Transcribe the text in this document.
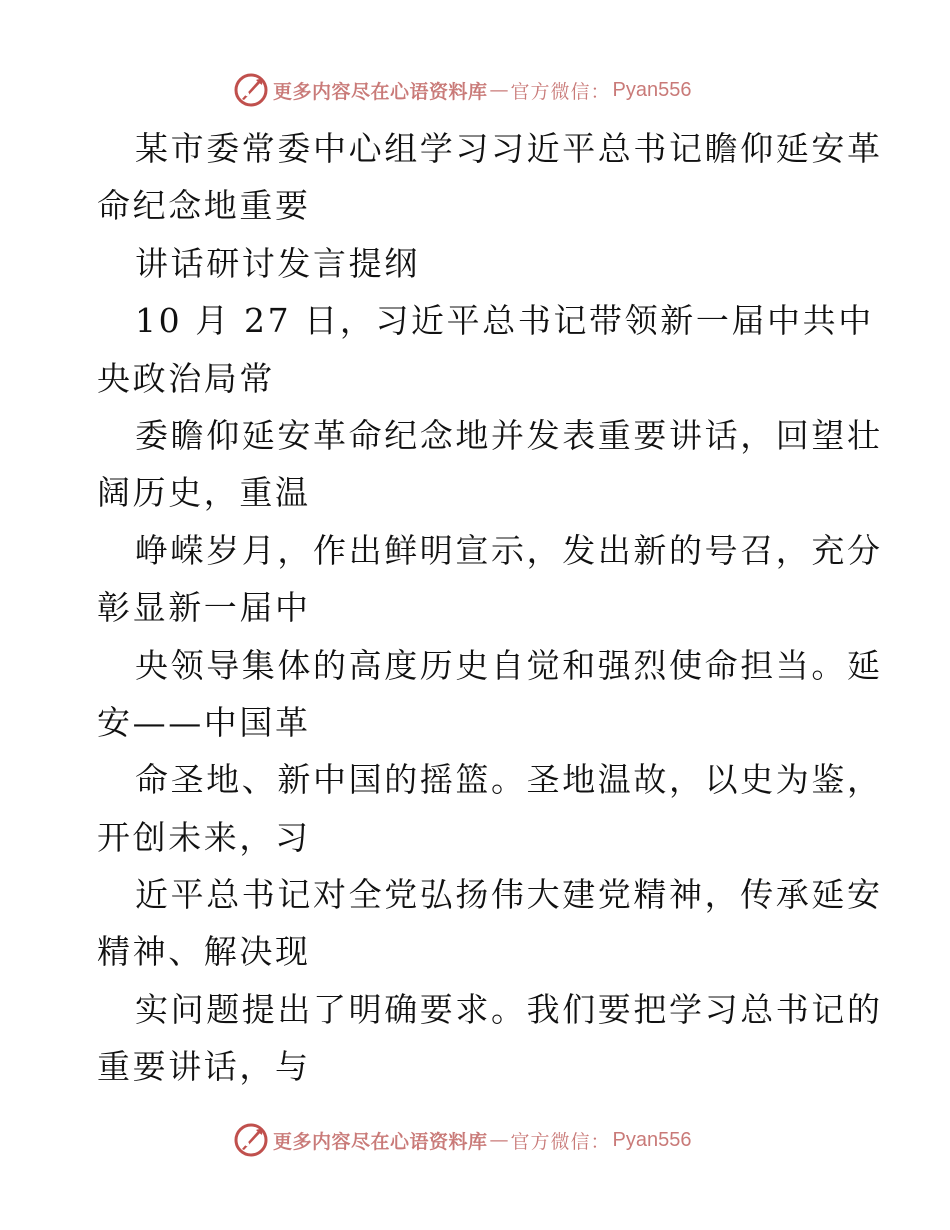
更多内容尽在心语资料库 — 官方微信： Pyan556
某市委常委中心组学习习近平总书记瞻仰延安革
命纪念地重要
讲话研讨发言提纲
10 月 27 日，习近平总书记带领新一届中共中
央政治局常
委瞻仰延安革命纪念地并发表重要讲话，回望壮
阔历史，重温
峥嵘岁月，作出鲜明宣示，发出新的号召，充分
彰显新一届中
央领导集体的高度历史自觉和强烈使命担当。延
安——中国革
命圣地、新中国的摇篮。圣地温故，以史为鉴，
开创未来，习
近平总书记对全党弘扬伟大建党精神，传承延安
精神、解决现
实问题提出了明确要求。我们要把学习总书记的
重要讲话，与
更多内容尽在心语资料库 — 官方微信： Pyan556
